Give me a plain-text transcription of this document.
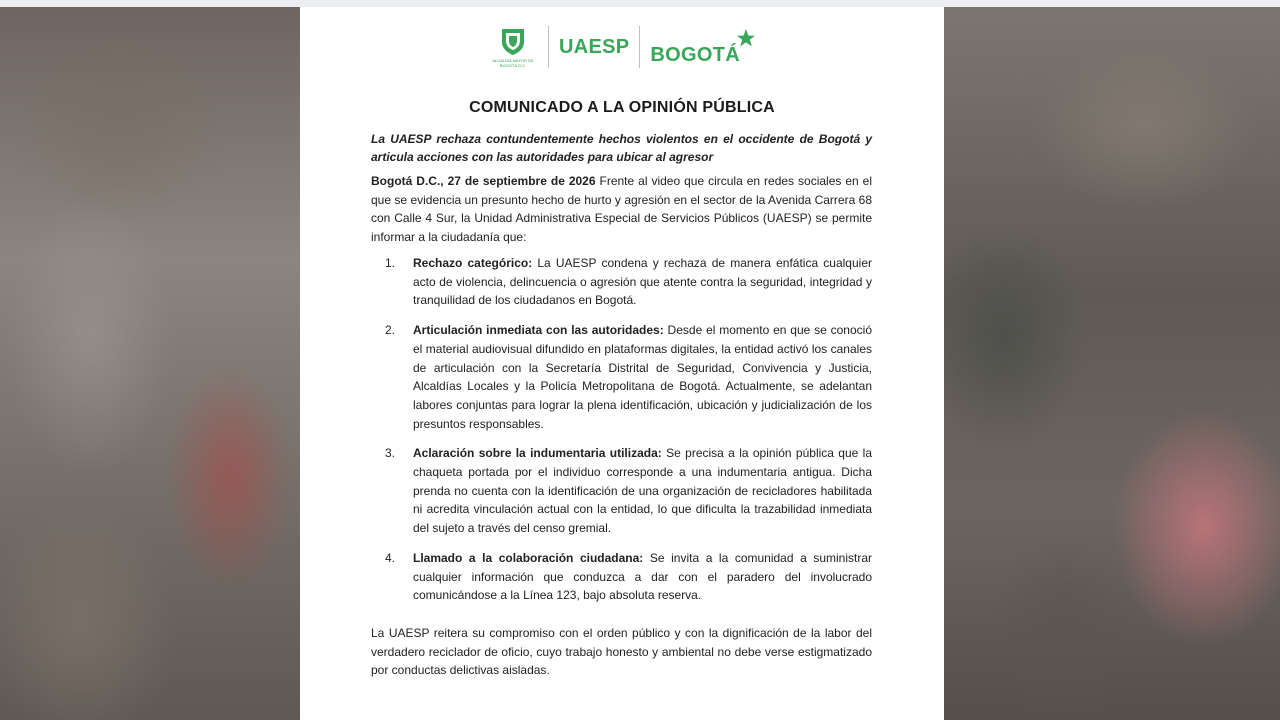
ALCALDÍA MAYOR DE BOGOTÁ D.C.
UAESP BOGOTÁ
COMUNICADO A LA OPINIÓN PÚBLICA
La UAESP rechaza contundentemente hechos violentos en el occidente de Bogotá y articula acciones con las autoridades para ubicar al agresor
Bogotá D.C., 27 de septiembre de 2026 Frente al video que circula en redes sociales en el que se evidencia un presunto hecho de hurto y agresión en el sector de la Avenida Carrera 68 con Calle 4 Sur, la Unidad Administrativa Especial de Servicios Públicos (UAESP) se permite informar a la ciudadanía que:
1.	Rechazo categórico: La UAESP condena y rechaza de manera enfática cualquier acto de violencia, delincuencia o agresión que atente contra la seguridad, integridad y tranquilidad de los ciudadanos en Bogotá.
2.	Articulación inmediata con las autoridades: Desde el momento en que se conoció el material audiovisual difundido en plataformas digitales, la entidad activó los canales de articulación con la Secretaría Distrital de Seguridad, Convivencia y Justicia, Alcaldías Locales y la Policía Metropolitana de Bogotá. Actualmente, se adelantan labores conjuntas para lograr la plena identificación, ubicación y judicialización de los presuntos responsables.
3.	Aclaración sobre la indumentaria utilizada: Se precisa a la opinión pública que la chaqueta portada por el individuo corresponde a una indumentaria antigua. Dicha prenda no cuenta con la identificación de una organización de recicladores habilitada ni acredita vinculación actual con la entidad, lo que dificulta la trazabilidad inmediata del sujeto a través del censo gremial.
4.	Llamado a la colaboración ciudadana: Se invita a la comunidad a suministrar cualquier información que conduzca a dar con el paradero del involucrado comunicándose a la Línea 123, bajo absoluta reserva.
La UAESP reitera su compromiso con el orden público y con la dignificación de la labor del verdadero reciclador de oficio, cuyo trabajo honesto y ambiental no debe verse estigmatizado por conductas delictivas aisladas.
